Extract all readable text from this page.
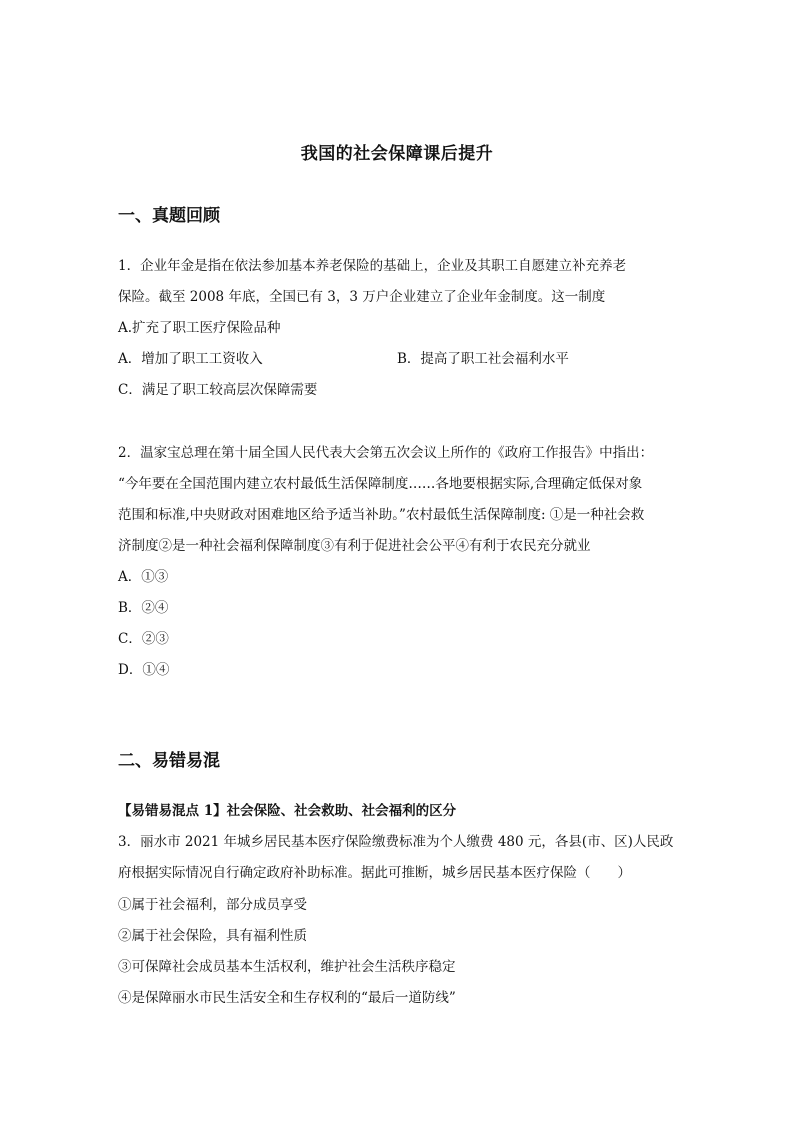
我国的社会保障课后提升
一、真题回顾
1．企业年金是指在依法参加基本养老保险的基础上，企业及其职工自愿建立补充养老
保险。截至 2008 年底，全国已有 3，3 万户企业建立了企业年金制度。这一制度
A.扩充了职工医疗保险品种
A．增加了职工工资收入	B．提高了职工社会福利水平
C．满足了职工较高层次保障需要
2．温家宝总理在第十届全国人民代表大会第五次会议上所作的《政府工作报告》中指出：
“今年要在全国范围内建立农村最低生活保障制度……各地要根据实际,合理确定低保对象
范围和标准,中央财政对困难地区给予适当补助。”农村最低生活保障制度: ①是一种社会救
济制度②是一种社会福利保障制度③有利于促进社会公平④有利于农民充分就业
A．①③
B．②④
C．②③
D．①④
二、易错易混
【易错易混点 1】社会保险、社会救助、社会福利的区分
3．丽水市 2021 年城乡居民基本医疗保险缴费标准为个人缴费 480 元，各县(市、区)人民政
府根据实际情况自行确定政府补助标准。据此可推断，城乡居民基本医疗保险（　　）
①属于社会福利，部分成员享受
②属于社会保险，具有福利性质
③可保障社会成员基本生活权利，维护社会生活秩序稳定
④是保障丽水市民生活安全和生存权利的“最后一道防线”
